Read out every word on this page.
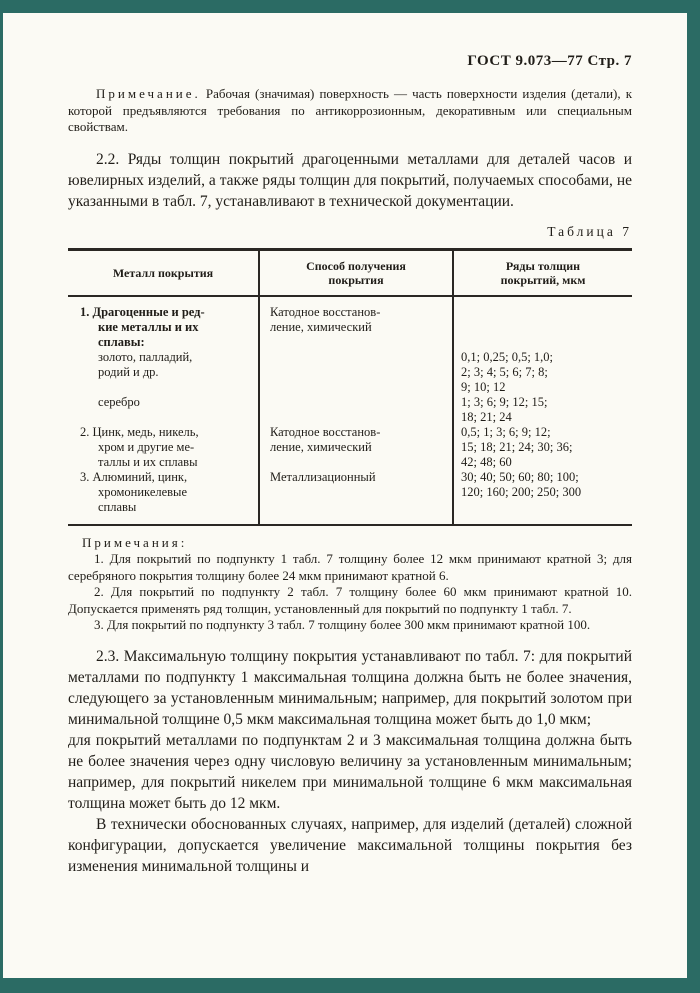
ГОСТ 9.073—77 Стр. 7

Примечание. Рабочая (значимая) поверхность — часть поверхности изделия (детали), к которой предъявляются требования по антикоррозионным, декоративным или специальным свойствам.

2.2. Ряды толщин покрытий драгоценными металлами для деталей часов и ювелирных изделий, а также ряды толщин для покрытий, получаемых способами, не указанными в табл. 7, устанавливают в технической документации.

Таблица 7
Металл покрытия	Способ получения покрытия
Ряды толщин покрытий, мкм
1. Драгоценные и ред-
кие металлы и их
сплавы:
золото, палладий,
родий и др.
серебро
2. Цинк, медь, никель,
хром и другие ме-
таллы и их сплавы
3. Алюминий, цинк,
хромоникелевые
сплавы
Катодное восстанов-
ление, химический
Катодное восстанов-
ление, химический
Металлизационный
0,1; 0,25; 0,5; 1,0;
2; 3; 4; 5; 6; 7; 8;
9; 10; 12
1; 3; 6; 9; 12; 15;
18; 21; 24
0,5; 1; 3; 6; 9; 12;
15; 18; 21; 24; 30; 36;
42; 48; 60
30; 40; 50; 60; 80; 100;
120; 160; 200; 250; 300
Примечания:

1. Для покрытий по подпункту 1 табл. 7 толщину более 12 мкм принимают кратной 3; для серебряного покрытия толщину более 24 мкм принимают кратной 6.

2. Для покрытий по подпункту 2 табл. 7 толщину более 60 мкм принимают кратной 10. Допускается применять ряд толщин, установленный для покрытий по подпункту 1 табл. 7.

3. Для покрытий по подпункту 3 табл. 7 толщину более 300 мкм принимают кратной 100.

2.3. Максимальную толщину покрытия устанавливают по табл. 7: для покрытий металлами по подпункту 1 максимальная толщина должна быть не более значения, следующего за установленным минимальным; например, для покрытий золотом при минимальной толщине 0,5 мкм максимальная толщина может быть до 1,0 мкм;

для покрытий металлами по подпунктам 2 и 3 максимальная толщина должна быть не более значения через одну числовую величину за установленным минимальным; например, для покрытий никелем при минимальной толщине 6 мкм максимальная толщина может быть до 12 мкм.

В технически обоснованных случаях, например, для изделий (деталей) сложной конфигурации, допускается увеличение максимальной толщины покрытия без изменения минимальной толщины и
